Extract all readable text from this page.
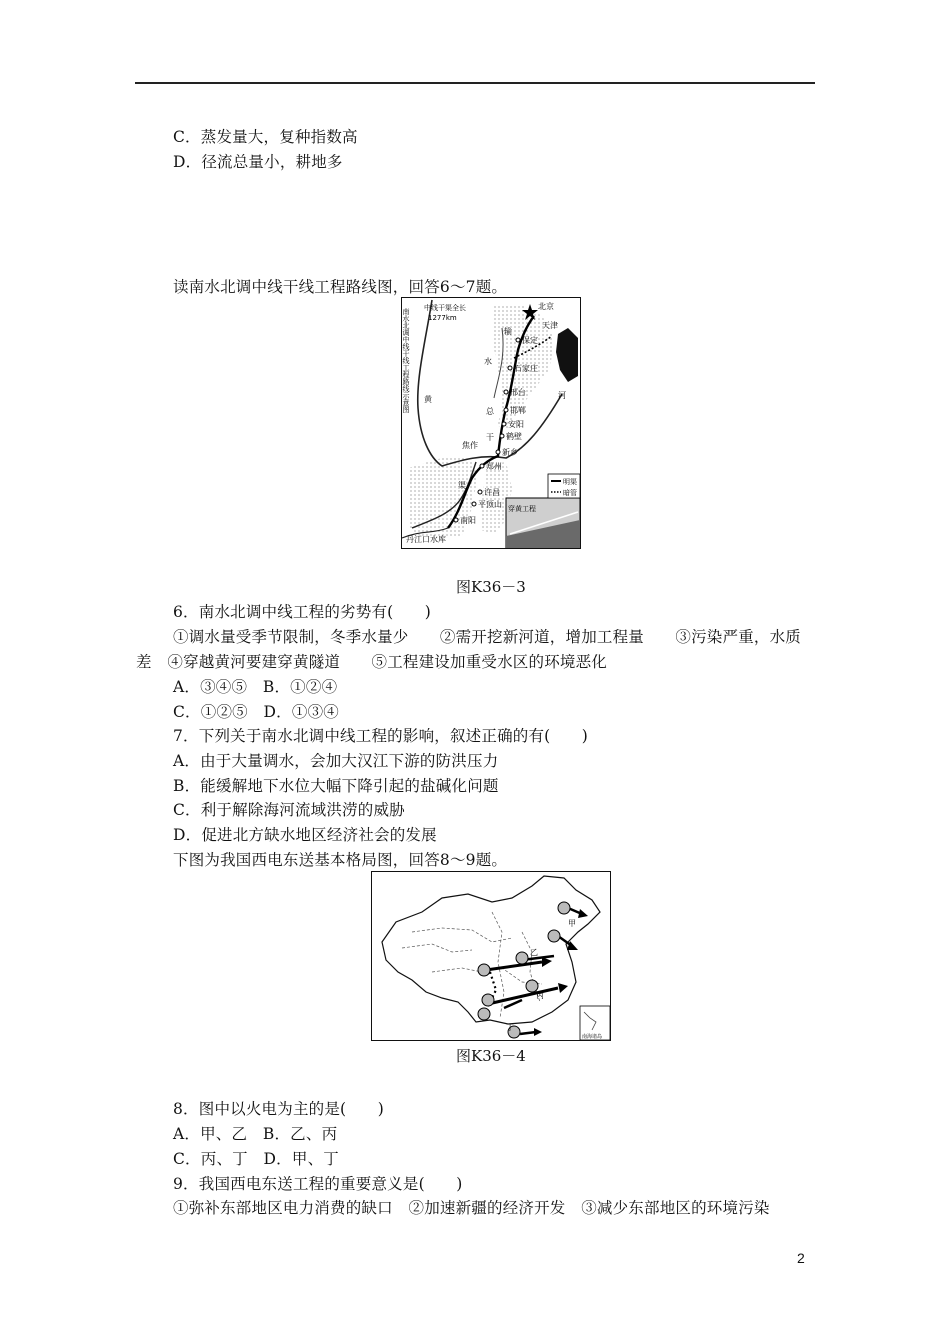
C．蒸发量大，复种指数高
D．径流总量小，耕地多
读南水北调中线干线工程路线图，回答6～7题。
明渠
暗管
南水北调中线干线工程路线示意图 中线干渠全长
1277km
北京
天津
保定
石家庄
邢台
邯郸
安阳
鹤壁
新乡
焦作
郑州
许昌
平顶山
南阳
丹江口水库
黄	河
输
水
总
干
渠
穿黄工程
图K36－3
6．南水北调中线工程的劣势有(　　)
①调水量受季节限制，冬季水量少　　②需开挖新河道，增加工程量　　③污染严重，水质
差　④穿越黄河要建穿黄隧道　　⑤工程建设加重受水区的环境恶化
A．③④⑤　B．①②④
C．①②⑤　D．①③④
7．下列关于南水北调中线工程的影响，叙述正确的有(　　)
A．由于大量调水，会加大汉江下游的防洪压力
B．能缓解地下水位大幅下降引起的盐碱化问题
C．利于解除海河流域洪涝的威胁
D．促进北方缺水地区经济社会的发展
下图为我国西电东送基本格局图，回答8～9题。
甲
乙
丙
丁
南海诸岛
图K36－4
8．图中以火电为主的是(　　)
A．甲、乙　B．乙、丙
C．丙、丁　D．甲、丁
9．我国西电东送工程的重要意义是(　　)
①弥补东部地区电力消费的缺口　②加速新疆的经济开发　③减少东部地区的环境污染
2
